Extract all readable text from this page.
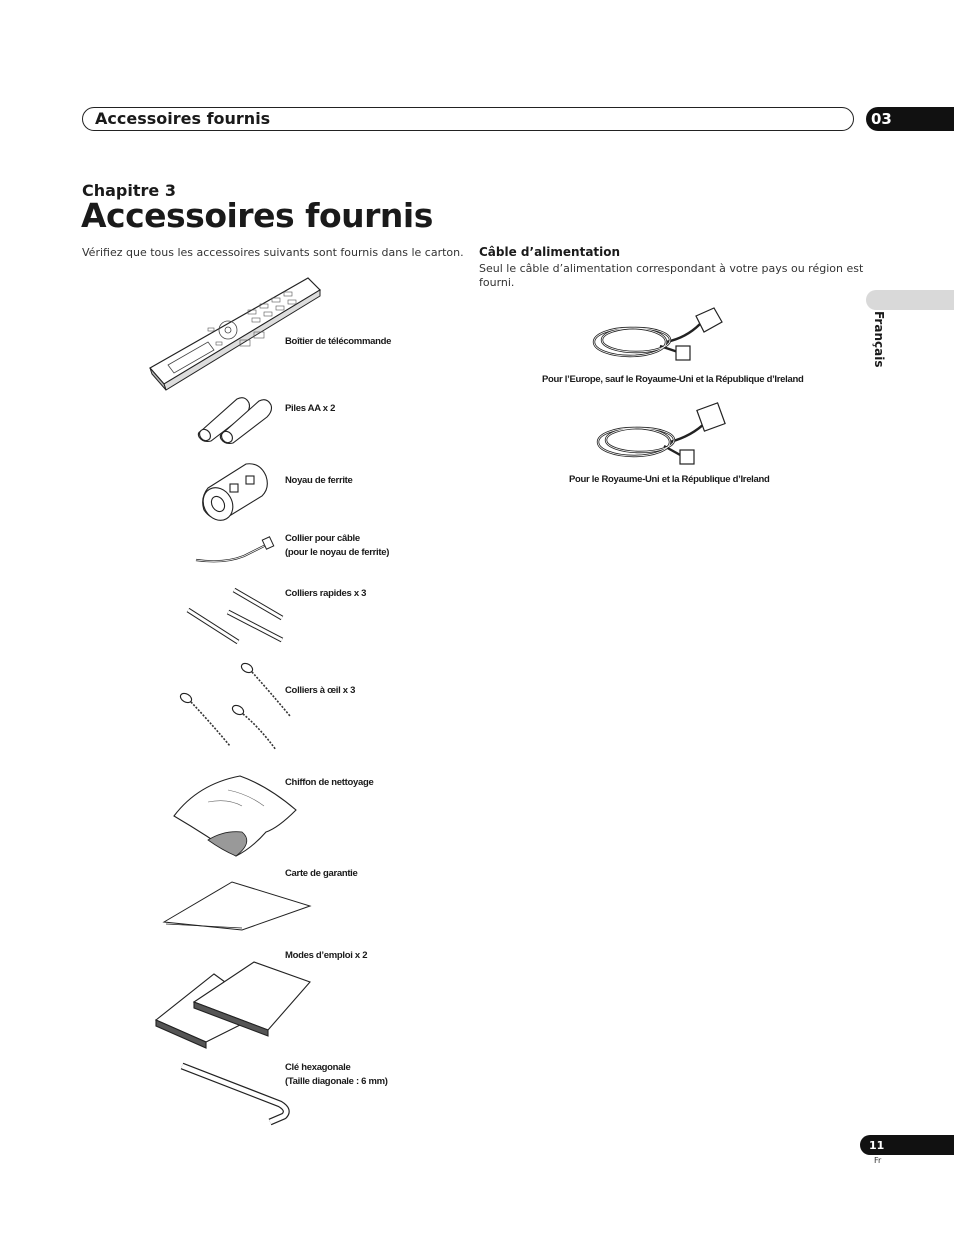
Accessoires fournis	03
Chapitre 3
Accessoires fournis
Vérifiez que tous les accessoires suivants sont fournis dans le carton.
Français
Câble d’alimentation
Seul le câble d’alimentation correspondant à votre pays ou région est fourni.
Boîtier de télécommande
Piles AA x 2
Noyau de ferrite
Collier pour câble
(pour le noyau de ferrite)
Colliers rapides x 3
Colliers à œil x 3
Chiffon de nettoyage
Carte de garantie
Modes d’emploi x 2
Clé hexagonale
(Taille diagonale : 6 mm)
Pour l’Europe, sauf le Royaume-Uni et la République d’Ireland
Pour le Royaume-Uni et la République d’Ireland
11
Fr
